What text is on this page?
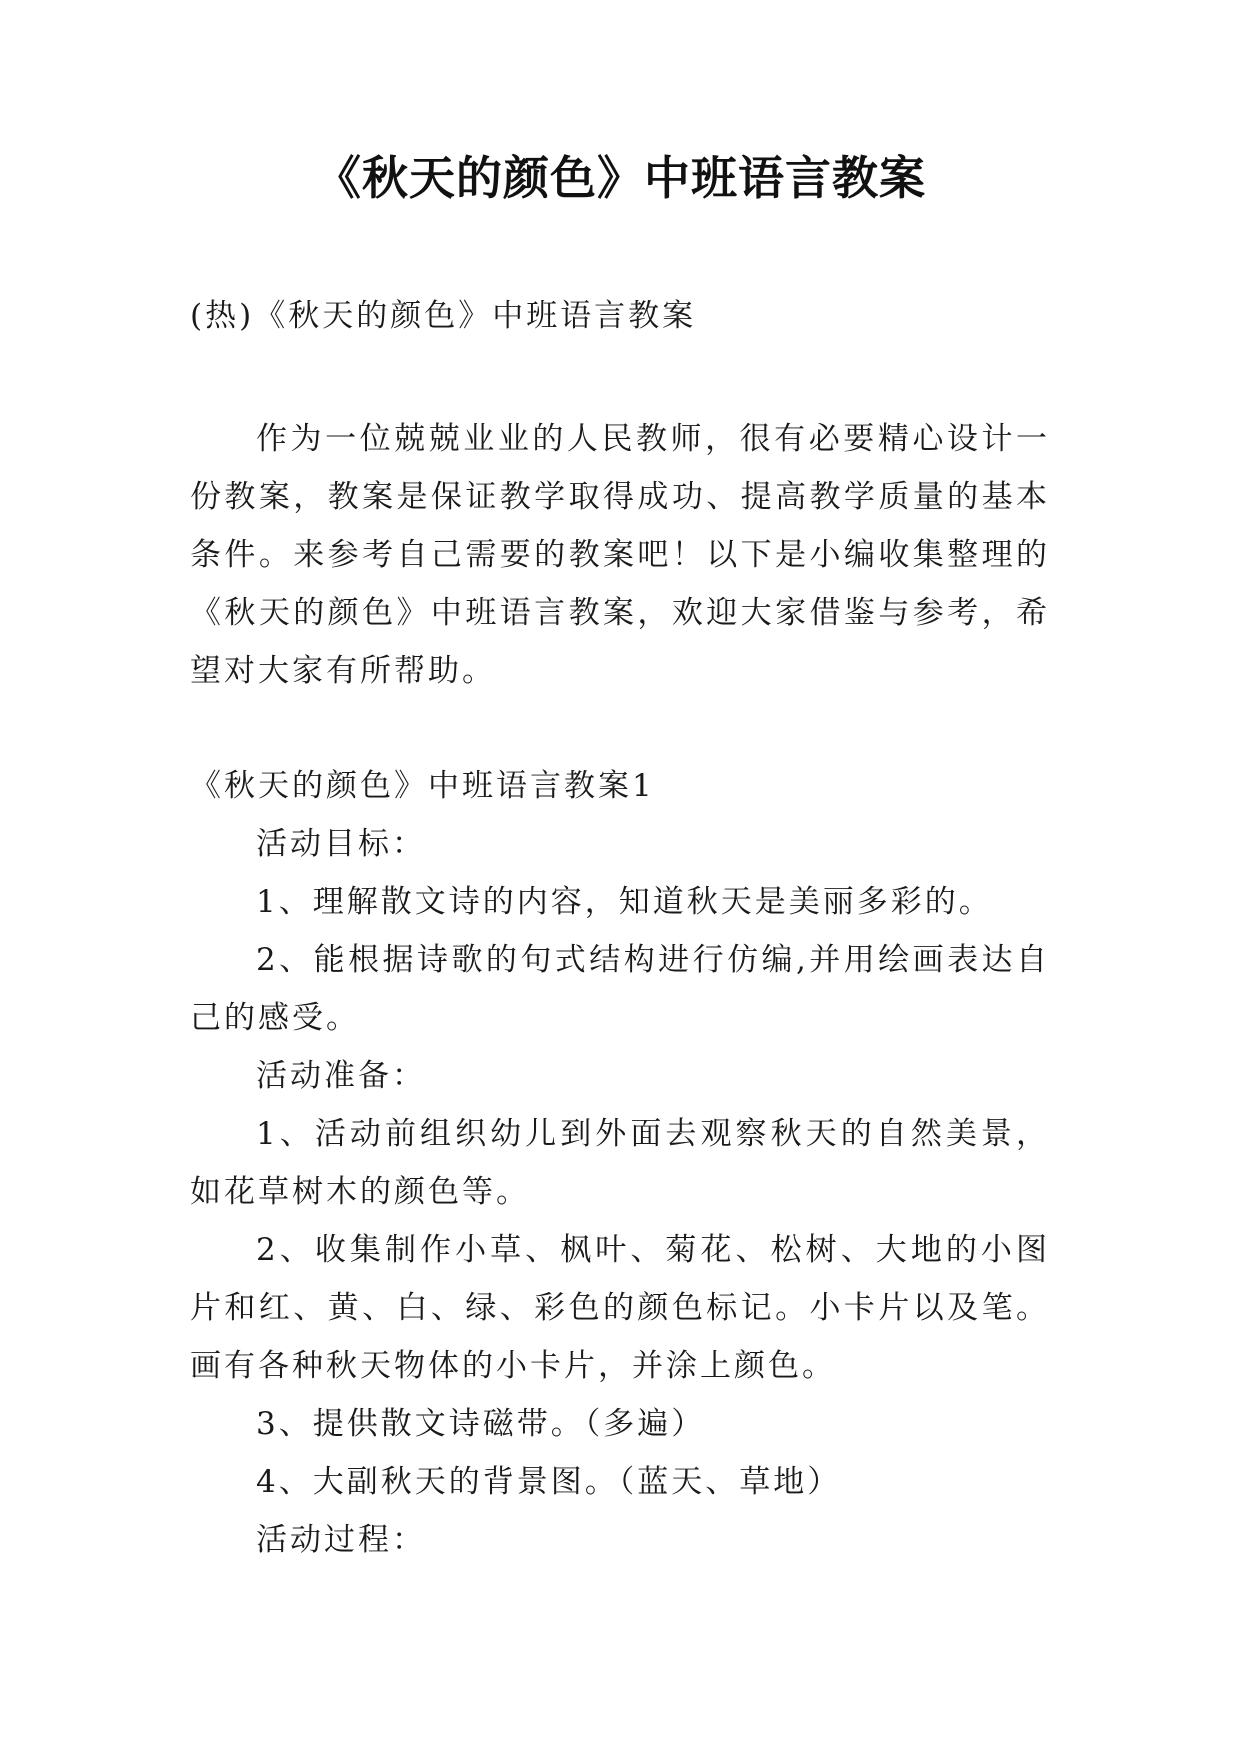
《秋天的颜色》中班语言教案

(热)《秋天的颜色》中班语言教案

作为一位兢兢业业的人民教师，很有必要精心设计一份教案，教案是保证教学取得成功、提高教学质量的基本条件。来参考自己需要的教案吧！以下是小编收集整理的《秋天的颜色》中班语言教案，欢迎大家借鉴与参考，希望对大家有所帮助。

《秋天的颜色》中班语言教案1

活动目标：

1、理解散文诗的内容，知道秋天是美丽多彩的。

2、能根据诗歌的句式结构进行仿编,并用绘画表达自己的感受。

活动准备：

1、活动前组织幼儿到外面去观察秋天的自然美景，如花草树木的颜色等。

2、收集制作小草、枫叶、菊花、松树、大地的小图片和红、黄、白、绿、彩色的颜色标记。小卡片以及笔。画有各种秋天物体的小卡片，并涂上颜色。

3、提供散文诗磁带。（多遍）

4、大副秋天的背景图。（蓝天、草地）

活动过程：
